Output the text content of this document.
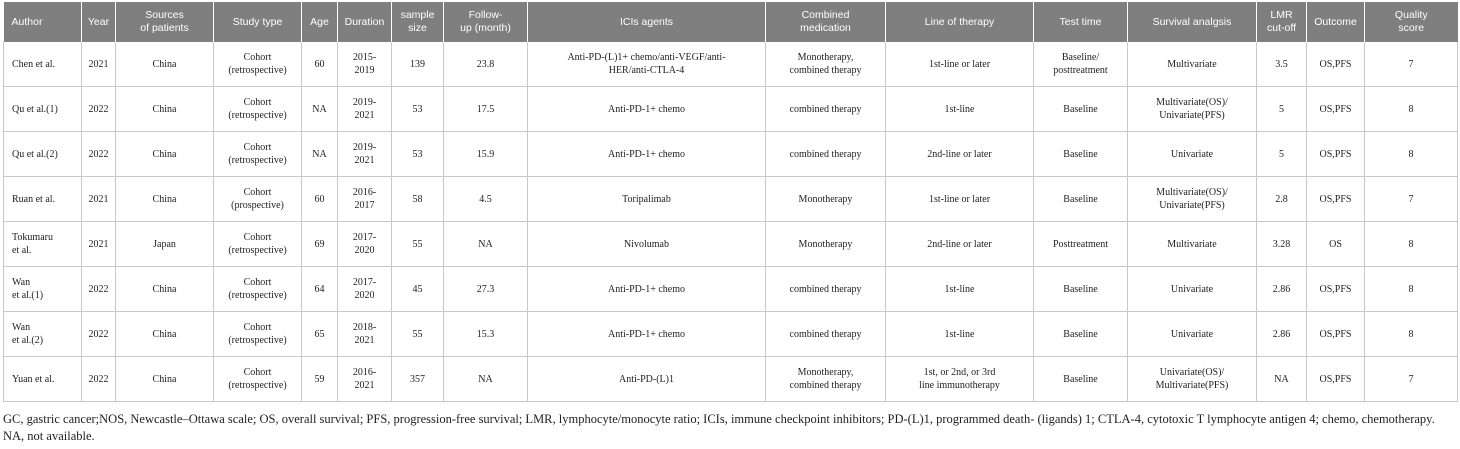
Author	Year	Sources
of patients	Study type	Age	Duration	sample
size	Follow-
up (month)	ICIs agents	Combined
medication	Line of therapy	Test time	Survival analgsis	LMR
cut-off	Outcome	Quality
score

Chen et al.	2021	China	Cohort
(retrospective)	60	2015-
2019	139	23.8	Anti-PD-(L)1+ chemo/anti-VEGF/anti-
HER/anti-CTLA-4	Monotherapy,
combined therapy	1st-line or later	Baseline/
posttreatment	Multivariate	3.5	OS,PFS	7

Qu et al.(1)	2022	China	Cohort
(retrospective)	NA	2019-
2021	53	17.5	Anti-PD-1+ chemo	combined therapy	1st-line	Baseline	Multivariate(OS)/
Univariate(PFS)	5	OS,PFS	8

Qu et al.(2)	2022	China	Cohort
(retrospective)	NA	2019-
2021	53	15.9	Anti-PD-1+ chemo	combined therapy	2nd-line or later	Baseline	Univariate	5	OS,PFS	8

Ruan et al.	2021	China	Cohort
(prospective)	60	2016-
2017	58	4.5	Toripalimab	Monotherapy	1st-line or later	Baseline	Multivariate(OS)/
Univariate(PFS)	2.8	OS,PFS	7

Tokumaru
et al.	2021	Japan	Cohort
(retrospective)	69	2017-
2020	55	NA	Nivolumab	Monotherapy	2nd-line or later	Posttreatment	Multivariate	3.28	OS	8

Wan
et al.(1)	2022	China	Cohort
(retrospective)	64	2017-
2020	45	27.3	Anti-PD-1+ chemo	combined therapy	1st-line	Baseline	Univariate	2.86	OS,PFS	8

Wan
et al.(2)	2022	China	Cohort
(retrospective)	65	2018-
2021	55	15.3	Anti-PD-1+ chemo	combined therapy	1st-line	Baseline	Univariate	2.86	OS,PFS	8

Yuan et al.	2022	China	Cohort
(retrospective)	59	2016-
2021	357	NA	Anti-PD-(L)1	Monotherapy,
combined therapy	1st, or 2nd, or 3rd
line immunotherapy	Baseline	Univariate(OS)/
Multivariate(PFS)	NA	OS,PFS	7
GC, gastric cancer;NOS, Newcastle–Ottawa scale; OS, overall survival; PFS, progression-free survival; LMR, lymphocyte/monocyte ratio; ICIs, immune checkpoint inhibitors; PD-(L)1, programmed death- (ligands) 1; CTLA-4, cytotoxic T lymphocyte antigen 4; chemo, chemotherapy. NA, not available.
